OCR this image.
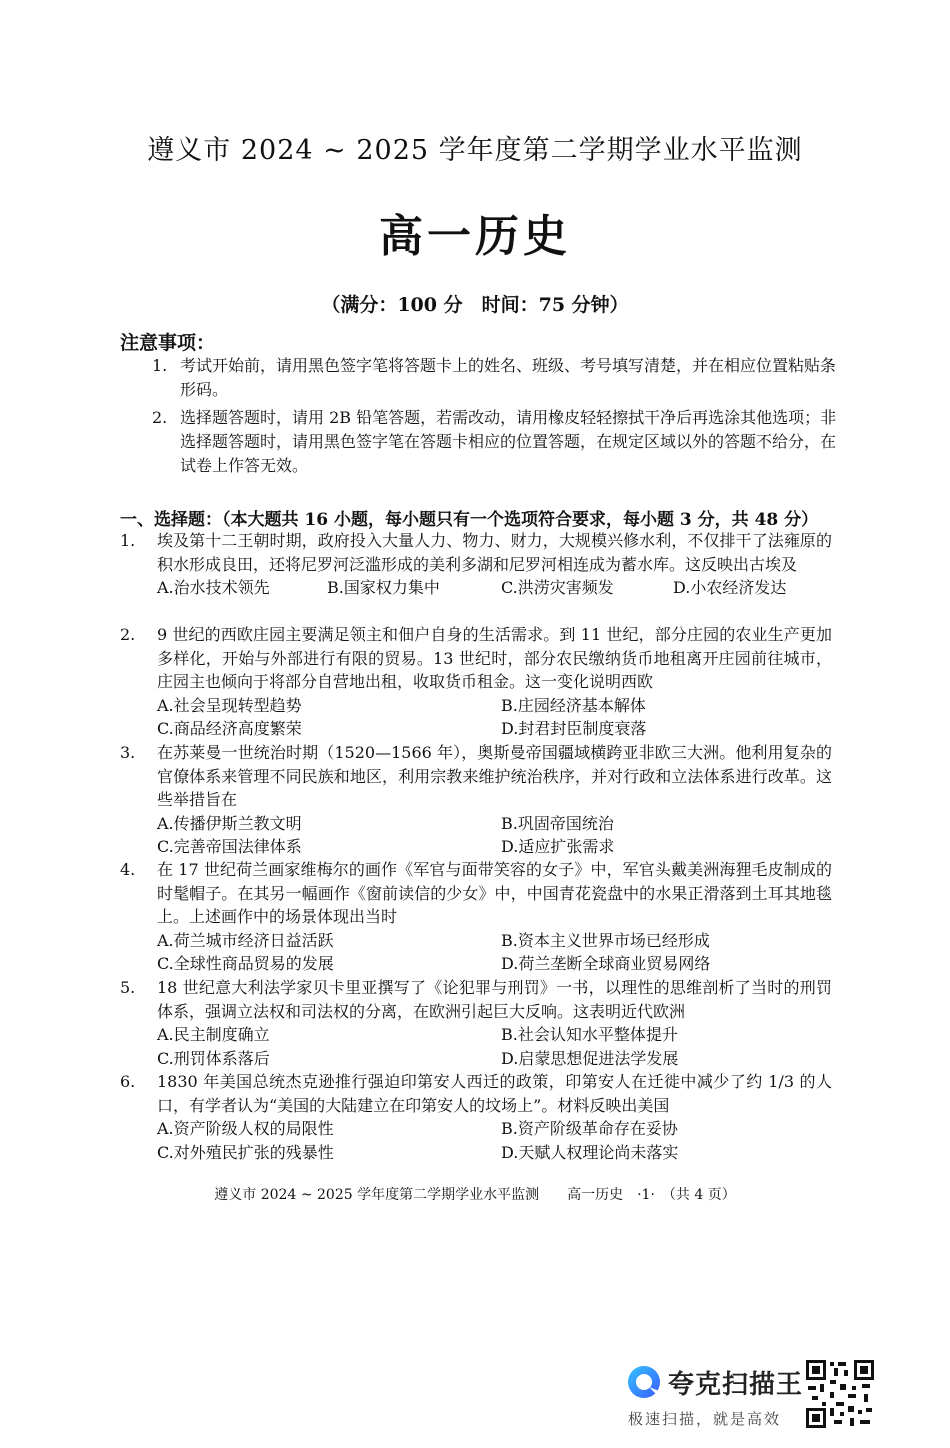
遵义市 2024 ~ 2025 学年度第二学期学业水平监测
高一历史
（满分：100 分　时间：75 分钟）
注意事项：
1. 考试开始前，请用黑色签字笔将答题卡上的姓名、班级、考号填写清楚，并在相应位置粘贴条形码。
2. 选择题答题时，请用 2B 铅笔答题，若需改动，请用橡皮轻轻擦拭干净后再选涂其他选项；非选择题答题时，请用黑色签字笔在答题卡相应的位置答题，在规定区域以外的答题不给分，在试卷上作答无效。
一、选择题：（本大题共 16 小题，每小题只有一个选项符合要求，每小题 3 分，共 48 分）
1. 埃及第十二王朝时期，政府投入大量人力、物力、财力，大规模兴修水利，不仅排干了法雍原的积水形成良田，还将尼罗河泛滥形成的美利多湖和尼罗河相连成为蓄水库。这反映出古埃及
A.治水技术领先	B.国家权力集中	C.洪涝灾害频发	D.小农经济发达
2. 9 世纪的西欧庄园主要满足领主和佃户自身的生活需求。到 11 世纪，部分庄园的农业生产更加多样化，开始与外部进行有限的贸易。13 世纪时，部分农民缴纳货币地租离开庄园前往城市，庄园主也倾向于将部分自营地出租，收取货币租金。这一变化说明西欧
A.社会呈现转型趋势	B.庄园经济基本解体
C.商品经济高度繁荣	D.封君封臣制度衰落
3. 在苏莱曼一世统治时期（1520—1566 年），奥斯曼帝国疆域横跨亚非欧三大洲。他利用复杂的官僚体系来管理不同民族和地区，利用宗教来维护统治秩序，并对行政和立法体系进行改革。这些举措旨在
A.传播伊斯兰教文明	B.巩固帝国统治
C.完善帝国法律体系	D.适应扩张需求
4. 在 17 世纪荷兰画家维梅尔的画作《军官与面带笑容的女子》中，军官头戴美洲海狸毛皮制成的时髦帽子。在其另一幅画作《窗前读信的少女》中，中国青花瓷盘中的水果正滑落到土耳其地毯上。上述画作中的场景体现出当时
A.荷兰城市经济日益活跃	B.资本主义世界市场已经形成
C.全球性商品贸易的发展	D.荷兰垄断全球商业贸易网络
5. 18 世纪意大利法学家贝卡里亚撰写了《论犯罪与刑罚》一书，以理性的思维剖析了当时的刑罚体系，强调立法权和司法权的分离，在欧洲引起巨大反响。这表明近代欧洲
A.民主制度确立	B.社会认知水平整体提升
C.刑罚体系落后	D.启蒙思想促进法学发展
6. 1830 年美国总统杰克逊推行强迫印第安人西迁的政策，印第安人在迁徙中减少了约 1/3 的人口，有学者认为“美国的大陆建立在印第安人的坟场上”。材料反映出美国
A.资产阶级人权的局限性	B.资产阶级革命存在妥协
C.对外殖民扩张的残暴性	D.天赋人权理论尚未落实
遵义市 2024 ~ 2025 学年度第二学期学业水平监测　　高一历史　·1·　（共 4 页）
夸克扫描王
极速扫描，就是高效
